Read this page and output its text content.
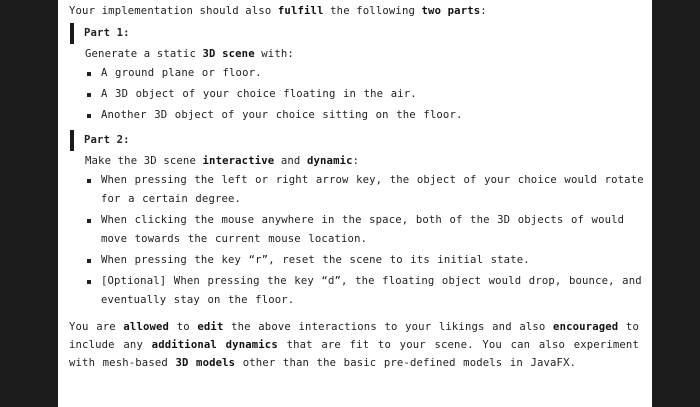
Your implementation should also fulfill the following two parts:
Part 1:
Generate a static 3D scene with:
A ground plane or floor.
A 3D object of your choice floating in the air.
Another 3D object of your choice sitting on the floor.
Part 2:
Make the 3D scene interactive and dynamic:
When pressing the left or right arrow key, the object of your choice would rotate for a certain degree.
When clicking the mouse anywhere in the space, both of the 3D objects of would move towards the current mouse location.
When pressing the key “r”, reset the scene to its initial state.
[Optional] When pressing the key “d”, the floating object would drop, bounce, and eventually stay on the floor.
You are allowed to edit the above interactions to your likings and also encouraged to include any additional dynamics that are fit to your scene. You can also experiment with mesh-based 3D models other than the basic pre-defined models in JavaFX.
